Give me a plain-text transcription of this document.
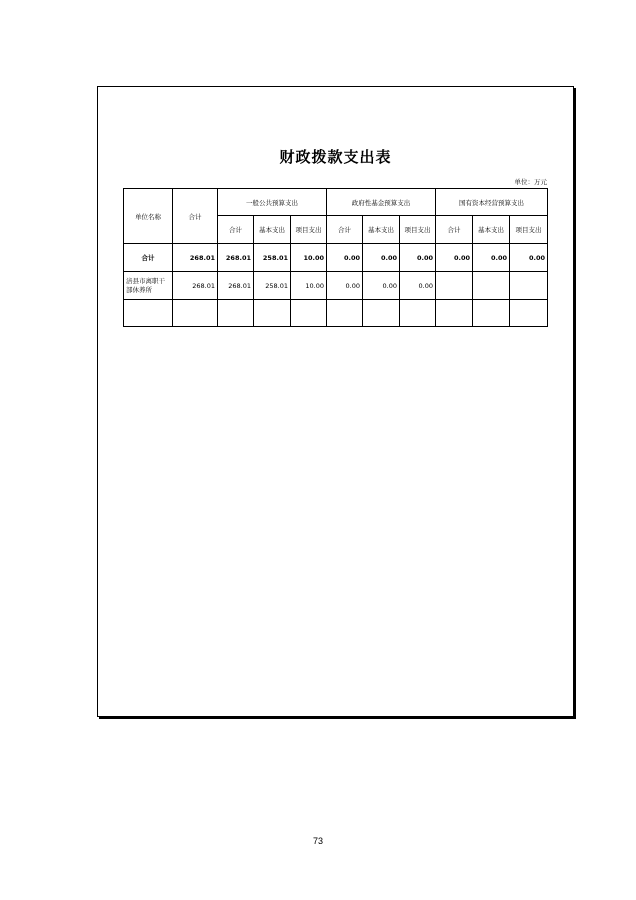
财政拨款支出表
单位：万元
单位名称	合计	一般公共预算支出			政府性基金预算支出			国有资本经营预算支出		
		合计	基本支出	项目支出	合计	基本支出	项目支出	合计	基本支出	项目支出
合计	268.01	268.01	258.01	10.00	0.00	0.00	0.00	0.00	0.00	0.00
涪县市离职干部休养所	268.01	268.01	258.01	10.00	0.00	0.00	0.00			

73
